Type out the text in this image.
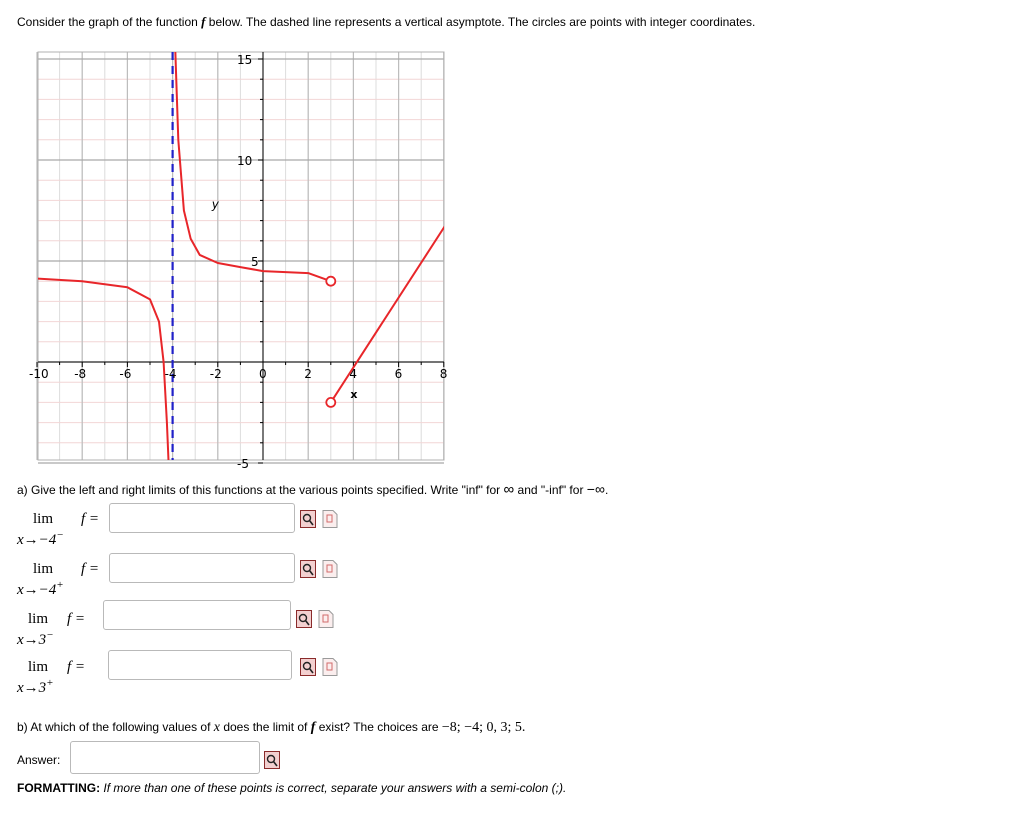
Consider the graph of the function f below. The dashed line represents a vertical asymptote. The circles are points with integer coordinates.
-10 -8	-6	-4	-2	0	2	4	6	8
15
10
5
-5
x
y
a) Give the left and right limits of this functions at the various points specified. Write "inf" for ∞ and "-inf" for −∞.
lim
x→−4−
f =
lim
x→−4+
f =
lim
x→3−
f =
lim
x→3+
f =
b) At which of the following values of x does the limit of f exist? The choices are −8; −4; 0, 3; 5.
Answer:
FORMATTING: If more than one of these points is correct, separate your answers with a semi-colon (;).
